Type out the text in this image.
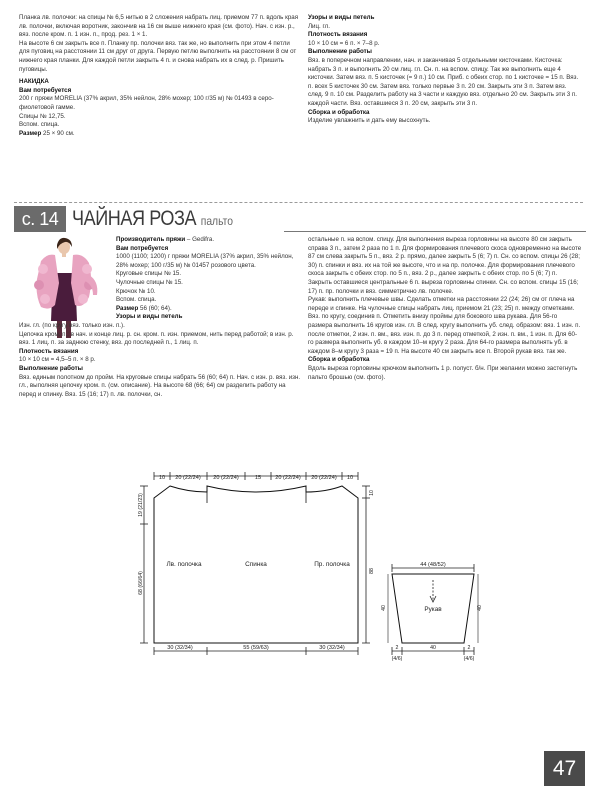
Планка лв. полочки: на спицы № 6,5 нитью в 2 сложения набрать лиц. приемом 77 п. вдоль края лв. полочки, включая воротник, закончив на 16 см выше нижнего края (см. фото). Нач. с изн. р., вяз. после кром. п. 1 изн. п., прод. рез. 1 × 1.

На высоте 6 см закрыть все п. Планку пр. полочки вяз. так же, но выполнить при этом 4 петли для пуговиц на расстоянии 11 см друг от друга. Первую петлю выполнить на расстоянии 8 см от нижнего края планки. Для каждой петли закрыть 4 п. и снова набрать их в след. р. Пришить пуговицы.

НАКИДКА

Вам потребуется

200 г пряжи MORELIA (37% акрил, 35% нейлон, 28% мохер; 100 г/35 м) № 01493 в серо-фиолетовой гамме.

Спицы № 12,75.

Вспом. спица.

Размер 25 × 90 см.

Узоры и виды петель

Лиц. гл.

Плотность вязания

10 × 10 см = 6 п. × 7–8 р.

Выполнение работы

Вяз. в поперечном направлении, нач. и заканчивая 5 отдельными кисточками. Кисточка: набрать 3 п. и выполнить 20 см лиц. гл. Сн. п. на вспом. спицу. Так же выполнить еще 4 кисточки. Затем вяз. п. 5 кисточек (= 9 п.) 10 см. Приб. с обеих стор. по 1 кисточке = 15 п. Вяз. п. всех 5 кисточек 30 см. Затем вяз. только первые 3 п. 20 см. Закрыть эти 3 п. Затем вяз. след. 9 п. 10 см. Разделить работу на 3 части и каждую вяз. отдельно 20 см. Закрыть эти 3 п. каждой части. Вяз. оставшиеся 3 п. 20 см, закрыть эти 3 п.

Сборка и обработка

Изделие увлажнить и дать ему высохнуть.

с. 14 ЧАЙНАЯ РОЗА пальто

Производитель пряжи – Gedifra.

Вам потребуется

1000 (1100; 1200) г пряжи MORELIA (37% акрил, 35% нейлон, 28% мохер; 100 г/35 м) № 01457 розового цвета.

Круговые спицы № 15.

Чулочные спицы № 15.

Крючок № 10.

Вспом. спица.

Размер 56 (60; 64).

Узоры и виды петель

Изн. гл. (по кругу вяз. только изн. п.).

Цепочка кром. п.: в нач. и конце лиц. р. сн. кром. п. изн. приемом, нить перед работой; в изн. р. вяз. 1 лиц. п. за заднюю стенку, вяз. до последней п., 1 лиц. п.

Плотность вязания

10 × 10 см = 4,5–5 п. × 8 р.

Выполнение работы

Вяз. единым полотном до пройм. На круговые спицы набрать 56 (60; 64) п. Нач. с изн. р. вяз. изн. гл., выполняя цепочку кром. п. (см. описание). На высоте 68 (66; 64) см разделить работу на перед и спинку. Вяз. 15 (16; 17) п. лв. полочки, сн.

остальные п. на вспом. спицу. Для выполнения выреза горловины на высоте 80 см закрыть справа 3 п., затем 2 раза по 1 п. Для формирования плечевого скоса одновременно на высоте 87 см слева закрыть 5 п., вяз. 2 р. прямо, далее закрыть 5 (6; 7) п. Сн. со вспом. спицы 26 (28; 30) п. спинки и вяз. их на той же высоте, что и на пр. полочке. Для формирования плечевого скоса закрыть с обеих стор. по 5 п., вяз. 2 р., далее закрыть с обеих стор. по 5 (6; 7) п. Закрыть оставшиеся центральные 6 п. выреза горловины спинки. Сн. со вспом. спицы 15 (16; 17) п. пр. полочки и вяз. симметрично лв. полочке.

Рукав: выполнить плечевые швы. Сделать отметки на расстоянии 22 (24; 26) см от плеча на переде и спинке. На чулочные спицы набрать лиц. приемом 21 (23; 25) п. между отметками. Вяз. по кругу, соединив п. Отметить внизу проймы для бокового шва рукава. Для 56-го размера выполнить 16 кругов изн. гл. В след. кругу выполнить уб. след. образом: вяз. 1 изн. п. после отметки, 2 изн. п. вм., вяз. изн. п. до 3 п. перед отметкой, 2 изн. п. вм., 1 изн. п. Для 60-го размера выполнить уб. в каждом 10–м кругу 2 раза. Для 64-го размера выполнять уб. в каждом 8–м кругу 3 раза = 19 п. На высоте 40 см закрыть все п. Второй рукав вяз. так же.

Сборка и обработка

Вдоль выреза горловины крючком выполнить 1 р. полуст. б/н. При желании можно застегнуть пальто брошью (см. фото).

10 20 (22/24) 20 (22/24)	15	20 (22/24) 20 (22/24) 10
19 (21/23)
68 (66/64)
10
88
Лв. полочка	Спинка	Пр. полочка
30 (32/34)	55 (59/63)	30 (32/34)
44 (48/52)
Рукав
40	40
2
(4/6)
40	2
(4/6)
47
